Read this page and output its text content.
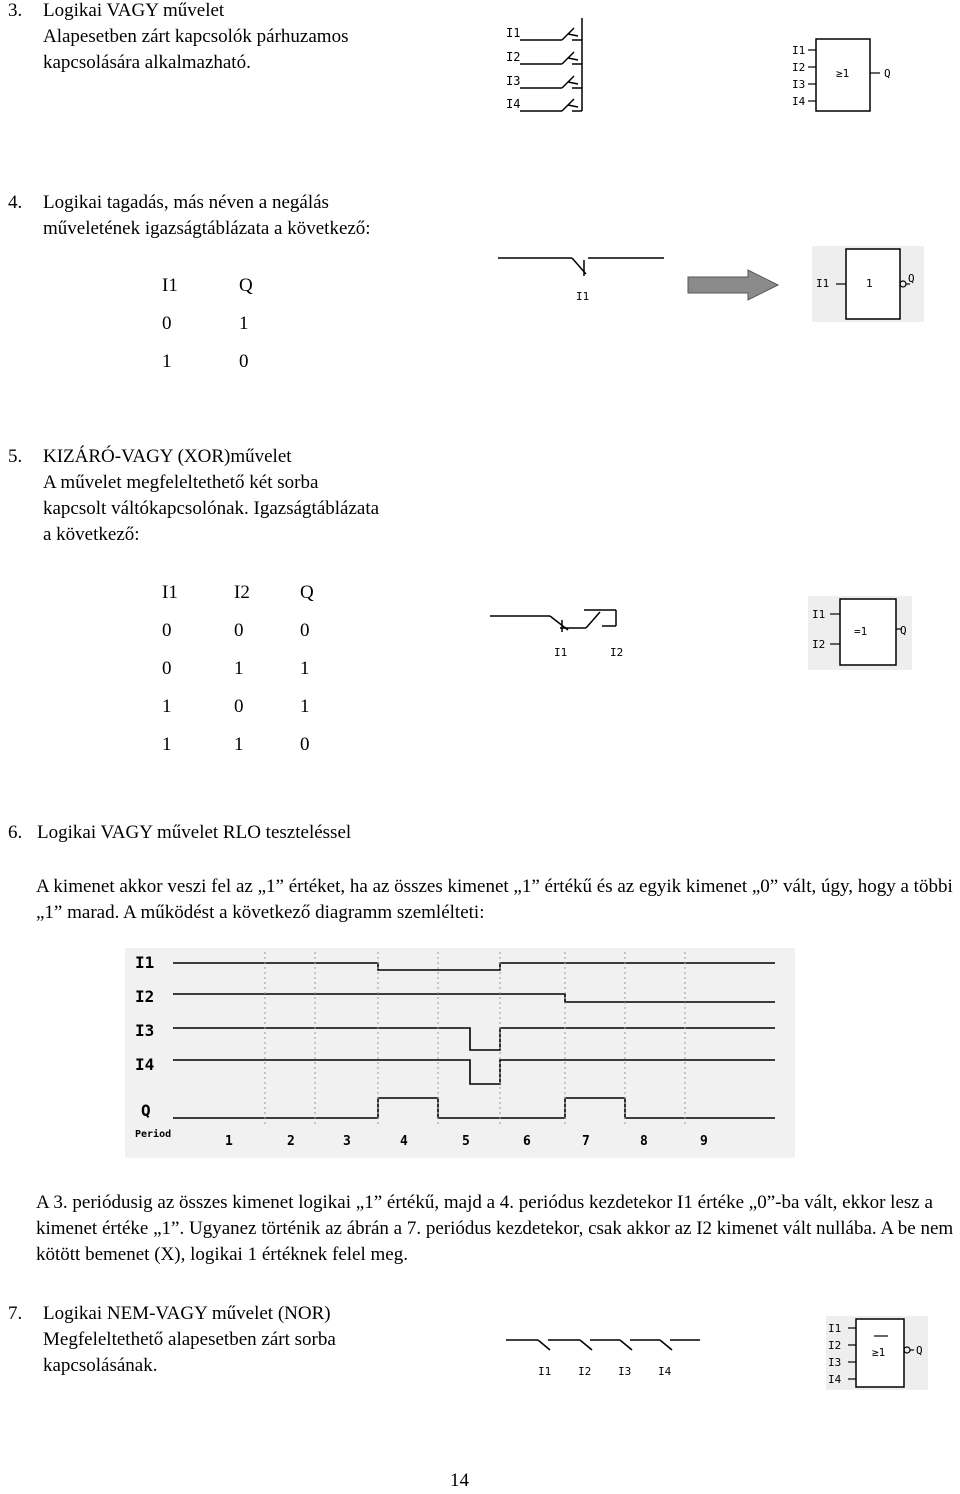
3. Logikai VAGY művelet
Alapesetben zárt kapcsolók párhuzamos
kapcsolására alkalmazható.
I1
I2
I3
I4
I1
I2
I3
I4
≥1	Q
4. Logikai tagadás, más néven a negálás
műveletének igazságtáblázata a következő:
I1	Q
0	1
1	0
I1
I1	1	Q
5. KIZÁRÓ-VAGY (XOR)művelet
A művelet megfeleltethető két sorba
kapcsolt váltókapcsolónak. Igazságtáblázata
a következő:
I1	I2	Q
0	0	0
0	1	1
1	0	1
1	1	0
I1	I2
I1
I2
=1	Q
6. Logikai VAGY művelet RLO teszteléssel
A kimenet akkor veszi fel az „1” értéket, ha az összes kimenet „1” értékű és az egyik kimenet „0” vált, úgy, hogy a többi „1” marad. A működést a következő diagramm szemlélteti:
I1
I2
I3
I4
Q
Period	1	2	3	4	5	6	7	8	9
A 3. periódusig az összes kimenet logikai „1” értékű, majd a 4. periódus kezdetekor I1 értéke „0”-ba vált, ekkor lesz a kimenet értéke „1”. Ugyanez történik az ábrán a 7. periódus kezdetekor, csak akkor az I2 kimenet vált nullába. A be nem kötött bemenet (X), logikai 1 értéknek felel meg.
7. Logikai NEM-VAGY művelet (NOR)
Megfeleltethető alapesetben zárt sorba
kapcsolásának.	I1 I2 I3 I4
I1
I2
I3
I4
≥1	Q
14
